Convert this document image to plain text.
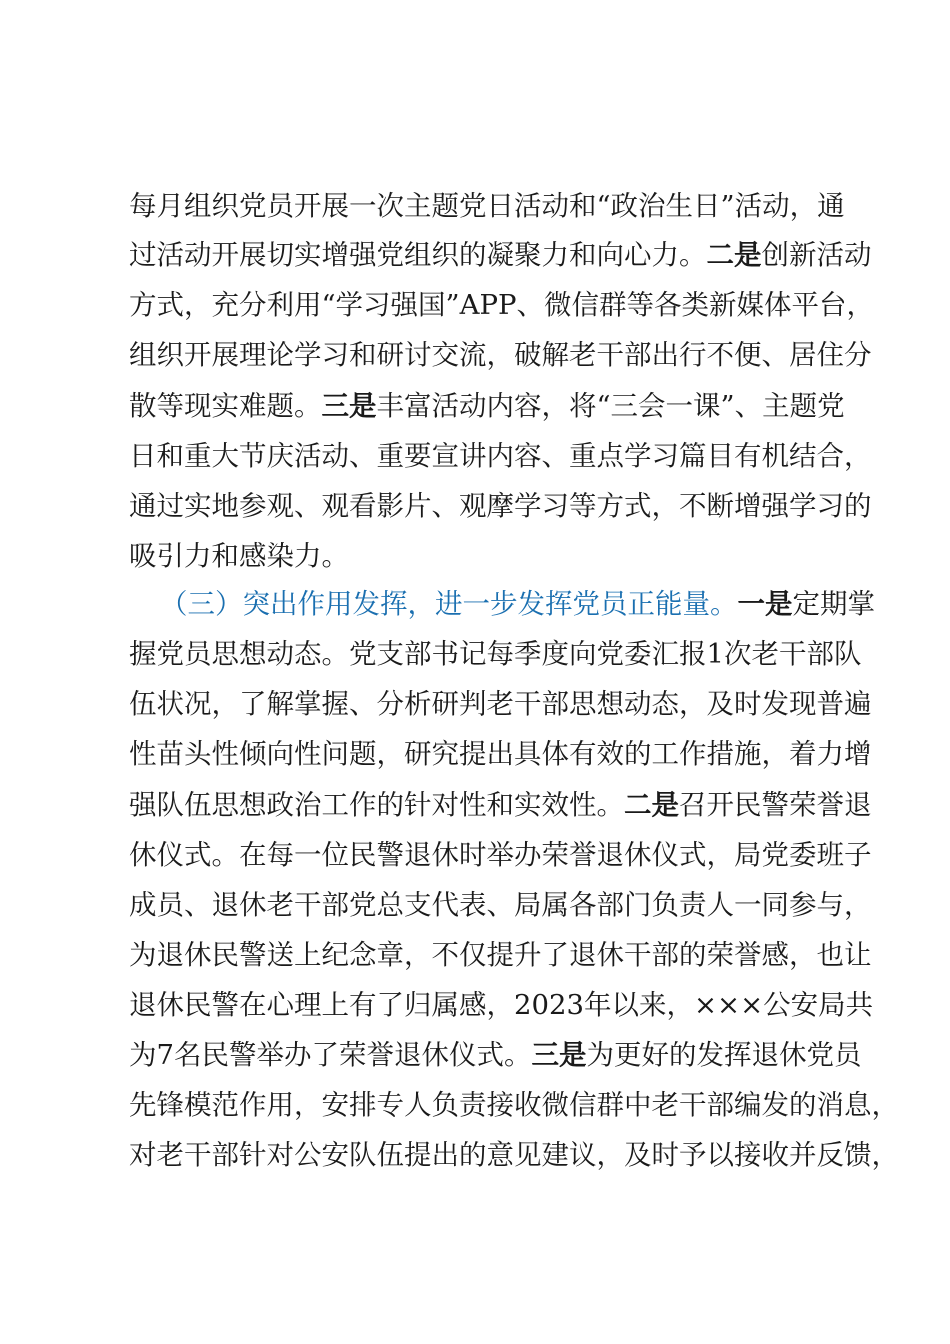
每月组织党员开展一次主题党日活动和“政治生日”活动，通
过活动开展切实增强党组织的凝聚力和向心力。二是创新活动
方式，充分利用“学习强国”APP、微信群等各类新媒体平台，
组织开展理论学习和研讨交流，破解老干部出行不便、居住分
散等现实难题。三是丰富活动内容，将“三会一课”、主题党
日和重大节庆活动、重要宣讲内容、重点学习篇目有机结合，
通过实地参观、观看影片、观摩学习等方式，不断增强学习的
吸引力和感染力。
（三）突出作用发挥，进一步发挥党员正能量。一是定期掌
握党员思想动态。党支部书记每季度向党委汇报1次老干部队
伍状况，了解掌握、分析研判老干部思想动态，及时发现普遍
性苗头性倾向性问题，研究提出具体有效的工作措施，着力增
强队伍思想政治工作的针对性和实效性。二是召开民警荣誉退
休仪式。在每一位民警退休时举办荣誉退休仪式，局党委班子
成员、退休老干部党总支代表、局属各部门负责人一同参与，
为退休民警送上纪念章，不仅提升了退休干部的荣誉感，也让
退休民警在心理上有了归属感，2023年以来，×××公安局共
为7名民警举办了荣誉退休仪式。三是为更好的发挥退休党员
先锋模范作用，安排专人负责接收微信群中老干部编发的消息，
对老干部针对公安队伍提出的意见建议，及时予以接收并反馈，
